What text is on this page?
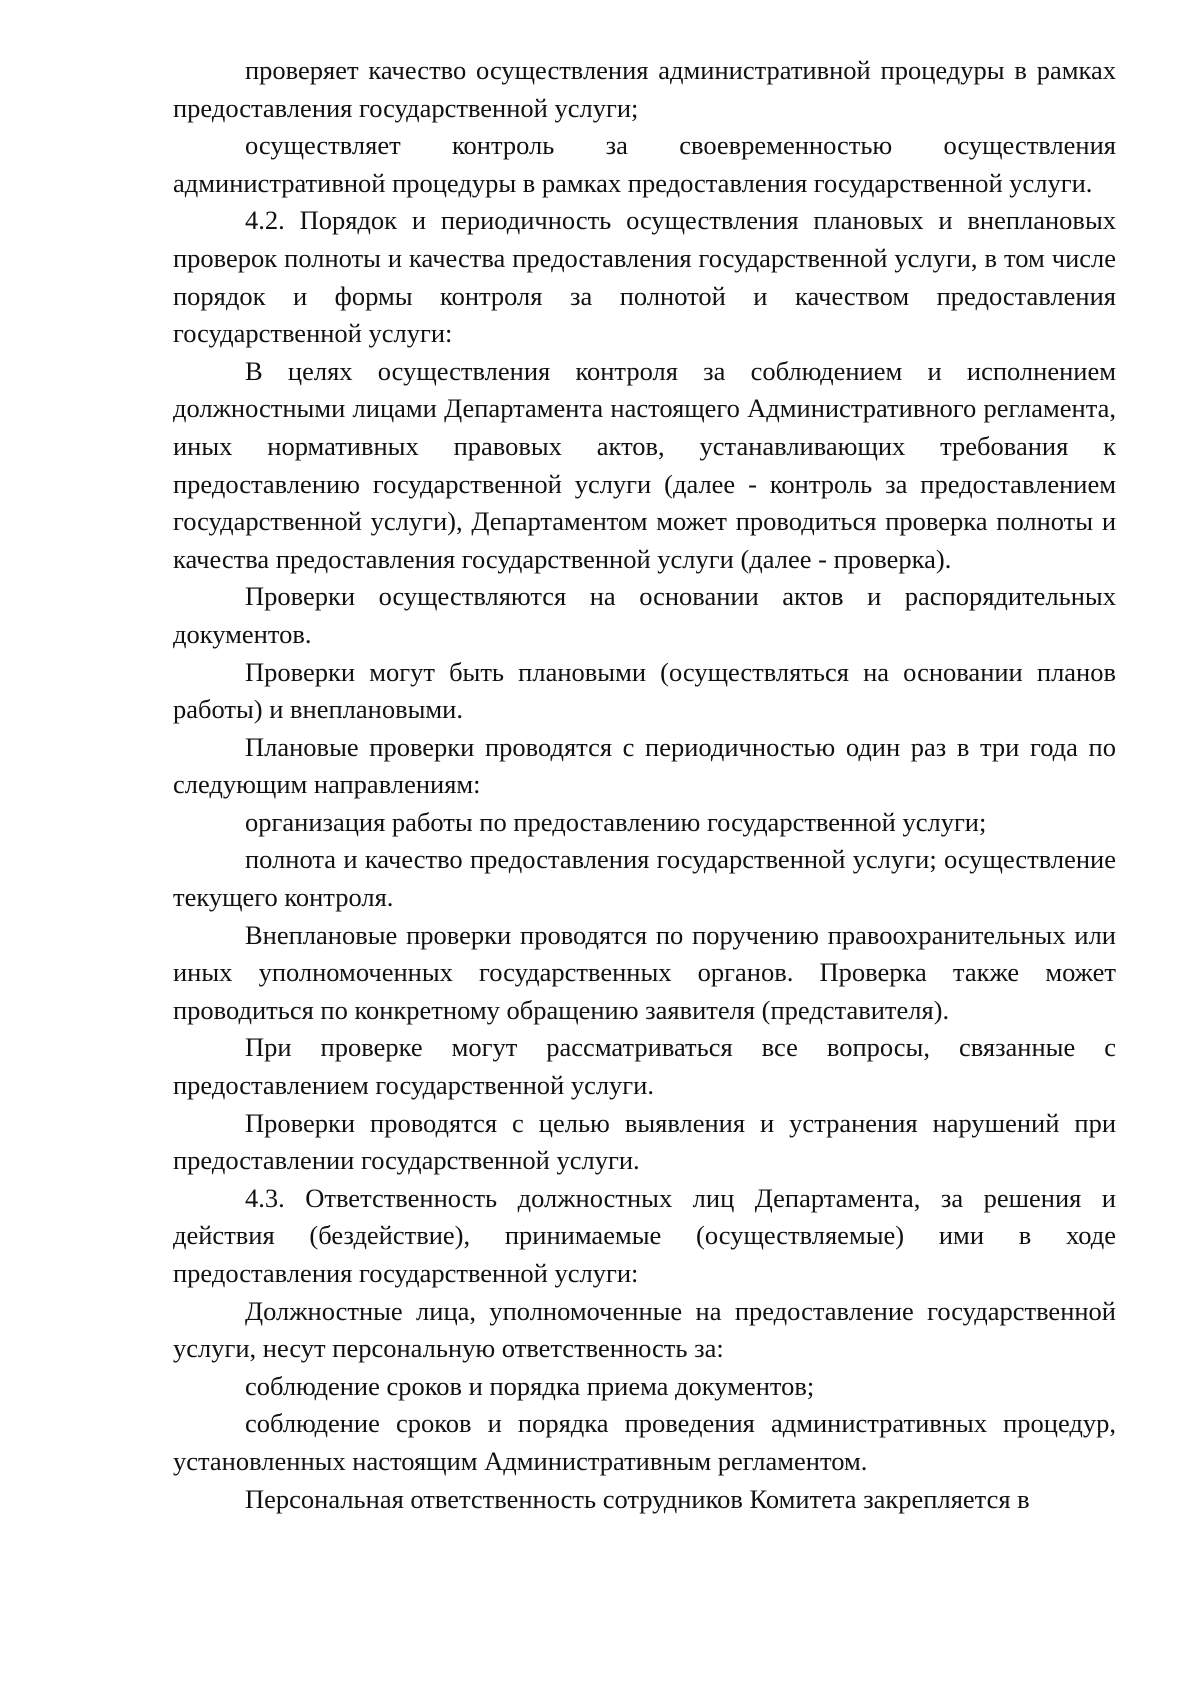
проверяет качество осуществления административной процедуры в рамках предоставления государственной услуги;

осуществляет контроль за своевременностью осуществления административной процедуры в рамках предоставления государственной услуги.

4.2. Порядок и периодичность осуществления плановых и внеплановых проверок полноты и качества предоставления государственной услуги, в том числе порядок и формы контроля за полнотой и качеством предоставления государственной услуги:

В целях осуществления контроля за соблюдением и исполнением должностными лицами Департамента настоящего Административного регламента, иных нормативных правовых актов, устанавливающих требования к предоставлению государственной услуги (далее - контроль за предоставлением государственной услуги), Департаментом может проводиться проверка полноты и качества предоставления государственной услуги (далее - проверка).

Проверки осуществляются на основании актов и распорядительных документов.

Проверки могут быть плановыми (осуществляться на основании планов работы) и внеплановыми.

Плановые проверки проводятся с периодичностью один раз в три года по следующим направлениям:

организация работы по предоставлению государственной услуги;

полнота и качество предоставления государственной услуги; осуществление текущего контроля.

Внеплановые проверки проводятся по поручению правоохранительных или иных уполномоченных государственных органов. Проверка также может проводиться по конкретному обращению заявителя (представителя).

При проверке могут рассматриваться все вопросы, связанные с предоставлением государственной услуги.

Проверки проводятся с целью выявления и устранения нарушений при предоставлении государственной услуги.

4.3. Ответственность должностных лиц Департамента, за решения и действия (бездействие), принимаемые (осуществляемые) ими в ходе предоставления государственной услуги:

Должностные лица, уполномоченные на предоставление государственной услуги, несут персональную ответственность за:

соблюдение сроков и порядка приема документов;

соблюдение сроков и порядка проведения административных процедур, установленных настоящим Административным регламентом.

Персональная ответственность сотрудников Комитета закрепляется в
